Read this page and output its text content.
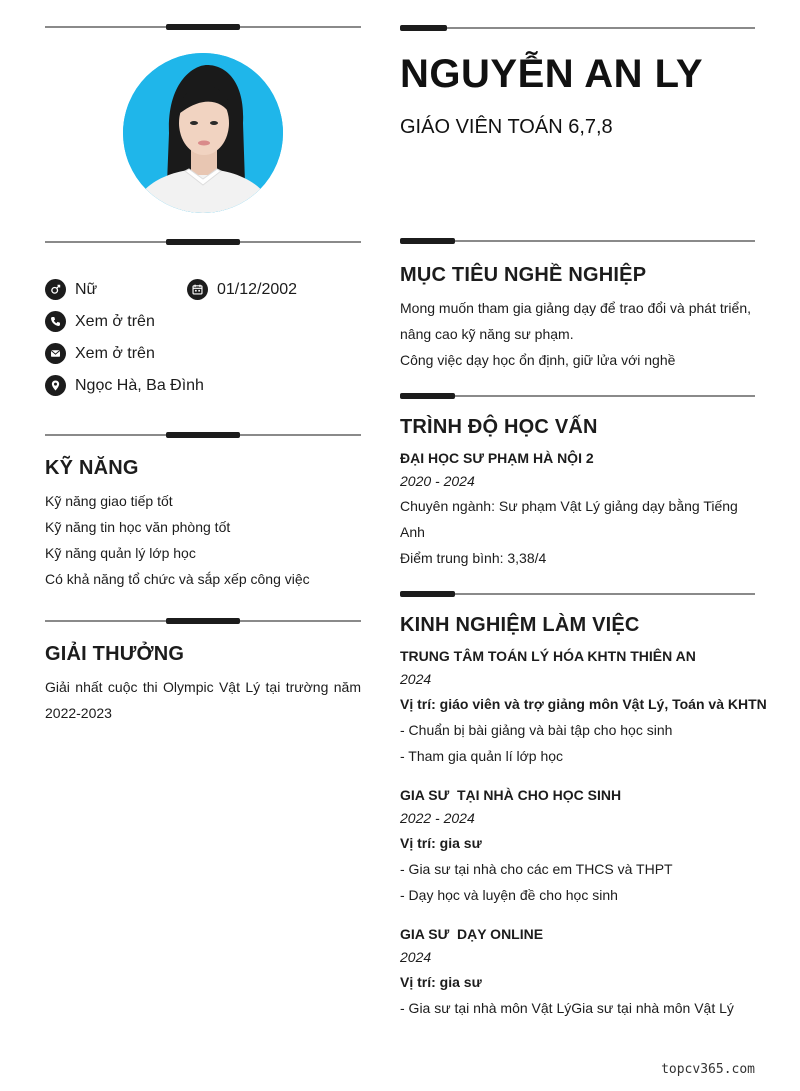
Nữ	01/12/2002
Xem ở trên
Xem ở trên
Ngọc Hà, Ba Đình
KỸ NĂNG
Kỹ năng giao tiếp tốt
Kỹ năng tin học văn phòng tốt
Kỹ năng quản lý lớp học
Có khả năng tổ chức và sắp xếp công việc
GIẢI THƯỞNG
Giải nhất cuộc thi Olympic Vật Lý tại trường năm 2022-2023
NGUYỄN AN LY
GIÁO VIÊN TOÁN 6,7,8
MỤC TIÊU NGHỀ NGHIỆP
Mong muốn tham gia giảng dạy để trao đổi và phát triển, nâng cao kỹ năng sư phạm.
Công việc dạy học ổn định, giữ lửa với nghề
TRÌNH ĐỘ HỌC VẤN
ĐẠI HỌC SƯ PHẠM HÀ NỘI 2
2020 - 2024
Chuyên ngành: Sư phạm Vật Lý giảng dạy bằng Tiếng Anh
Điểm trung bình: 3,38/4
KINH NGHIỆM LÀM VIỆC
TRUNG TÂM TOÁN LÝ HÓA KHTN THIÊN AN
2024
Vị trí: giáo viên và trợ giảng môn Vật Lý, Toán và KHTN
- Chuẩn bị bài giảng và bài tập cho học sinh
- Tham gia quản lí lớp học
GIA SƯ  TẠI NHÀ CHO HỌC SINH
2022 - 2024
Vị trí: gia sư
- Gia sư tại nhà cho các em THCS và THPT
- Dạy học và luyện đề cho học sinh
GIA SƯ  DẠY ONLINE
2024
Vị trí: gia sư
- Gia sư tại nhà môn Vật LýGia sư tại nhà môn Vật Lý
topcv365.com
